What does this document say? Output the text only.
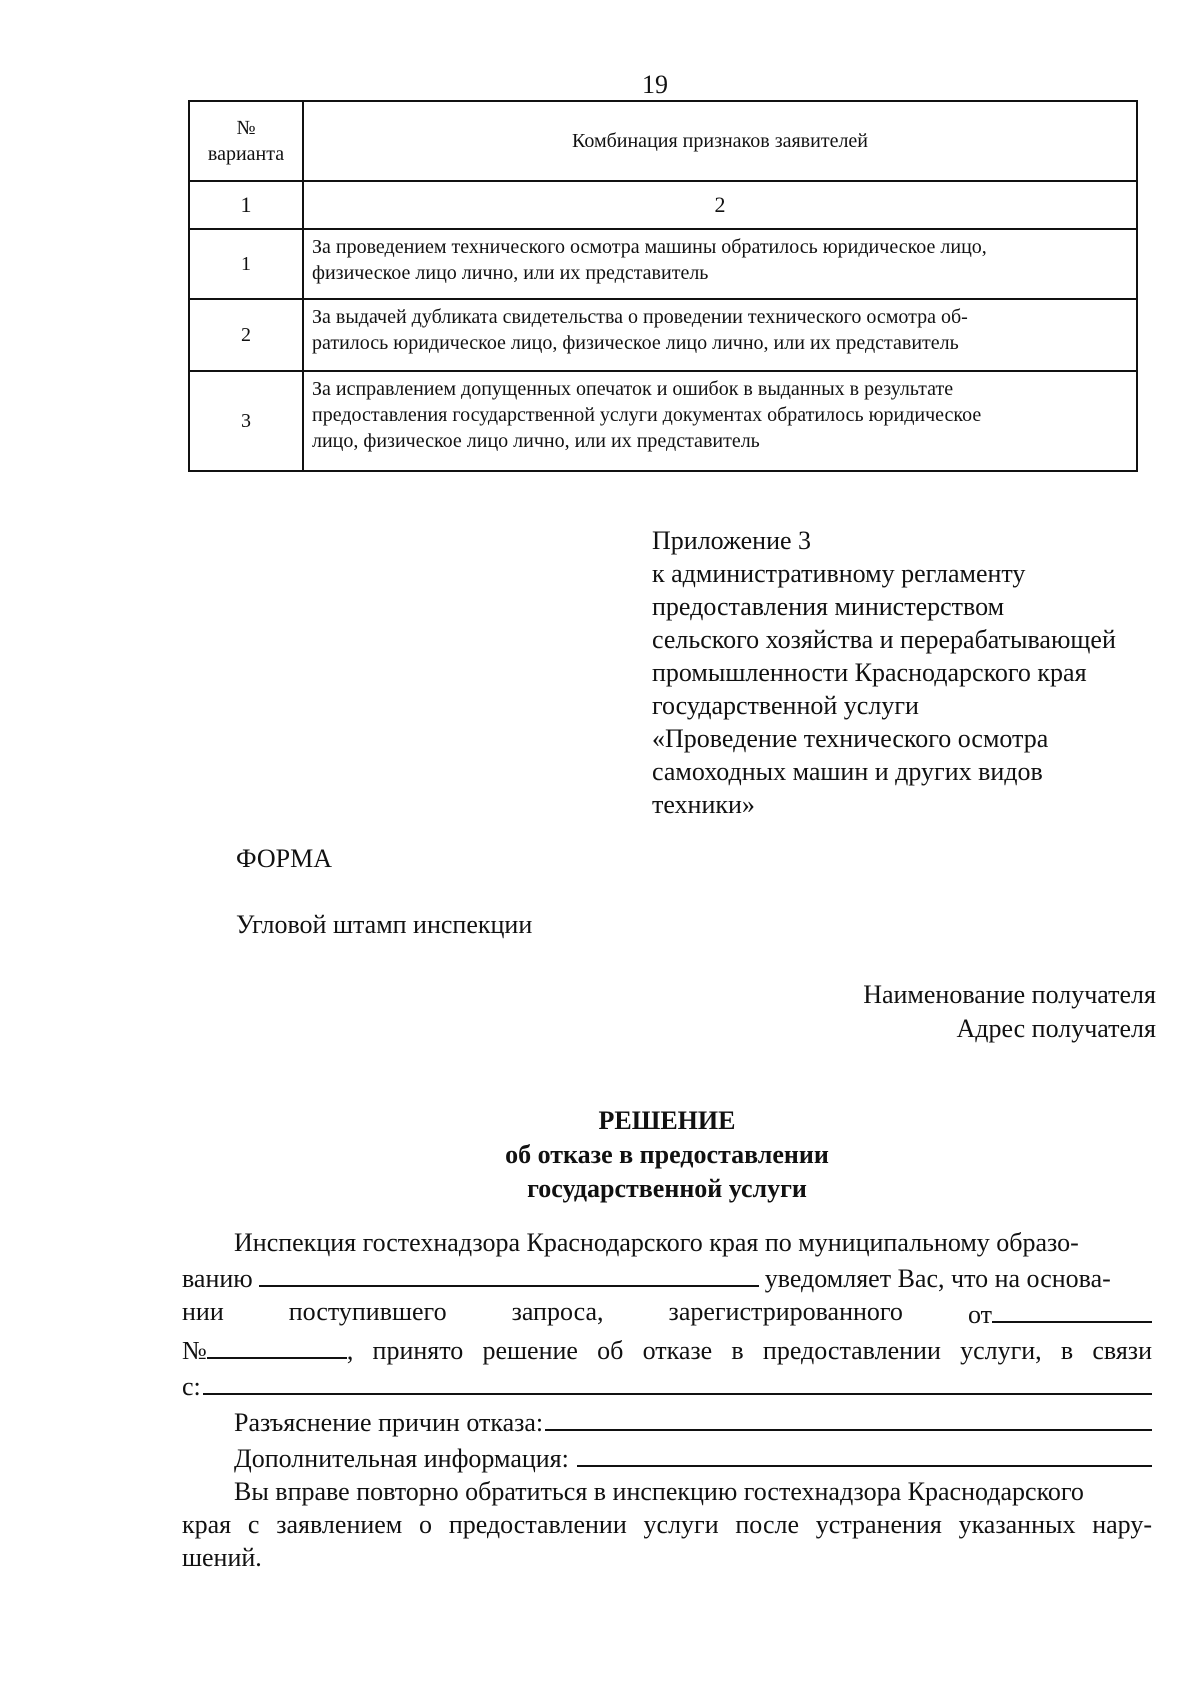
19
№
варианта	Комбинация признаков заявителей
1	2
1	За проведением технического осмотра машины обратилось юридическое лицо,
физическое лицо лично, или их представитель

2	За выдачей дубликата свидетельства о проведении технического осмотра об-
ратилось юридическое лицо, физическое лицо лично, или их представитель

3	За исправлением допущенных опечаток и ошибок в выданных в результате
предоставления государственной услуги документах обратилось юридическое
лицо, физическое лицо лично, или их представитель
Приложение 3
к административному регламенту
предоставления министерством
сельского хозяйства и перерабатывающей
промышленности Краснодарского края
государственной услуги
«Проведение технического осмотра
самоходных машин и других видов
техники»
ФОРМА
Угловой штамп инспекции
Наименование получателя
Адрес получателя
РЕШЕНИЕ
об отказе в предоставлении
государственной услуги
Инспекция гостехнадзора Краснодарского края по муниципальному образо-
ванию	уведомляет Вас, что на основа-
нии	поступившего	запроса,	зарегистрированного	от
№	, принято решение об отказе в предоставлении услуги, в связи
с:
Разъяснение причин отказа:
Дополнительная информация:
Вы вправе повторно обратиться в инспекцию гостехнадзора Краснодарского
края с заявлением о предоставлении услуги после устранения указанных нару-
шений.
